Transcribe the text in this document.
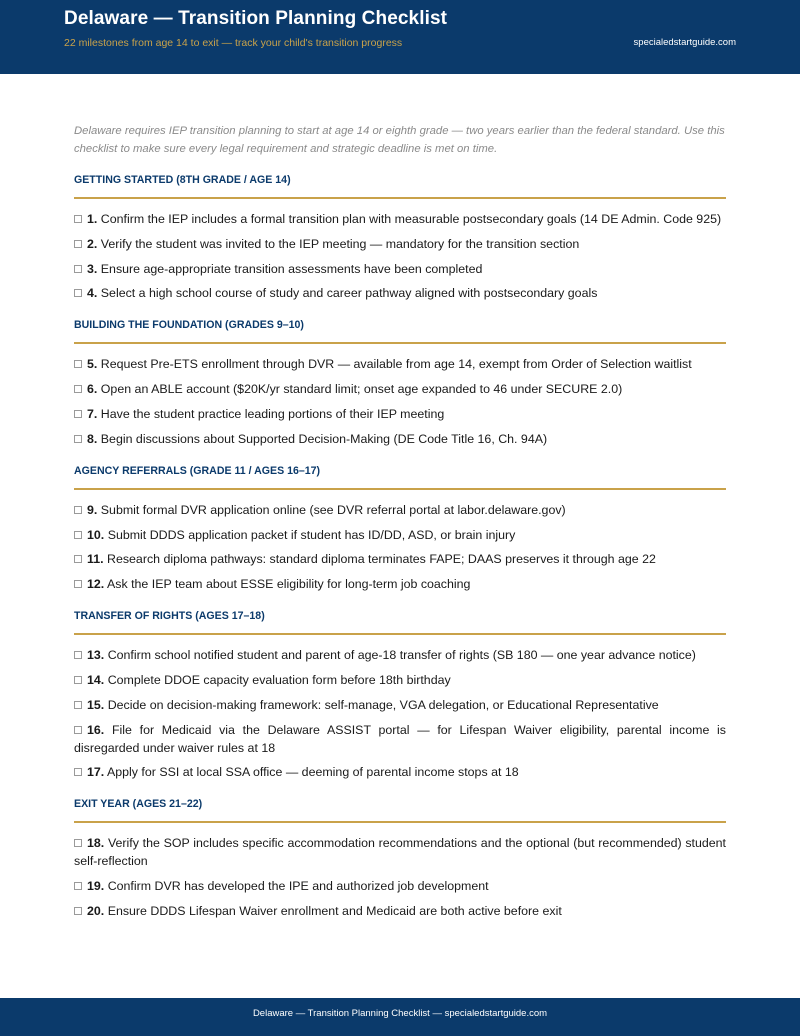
Delaware — Transition Planning Checklist
22 milestones from age 14 to exit — track your child's transition progress	specialedstartguide.com

Delaware requires IEP transition planning to start at age 14 or eighth grade — two years earlier than the federal standard. Use this checklist to make sure every legal requirement and strategic deadline is met on time.

GETTING STARTED (8TH GRADE / AGE 14)
1. Confirm the IEP includes a formal transition plan with measurable postsecondary goals (14 DE Admin. Code 925)
2. Verify the student was invited to the IEP meeting — mandatory for the transition section
3. Ensure age-appropriate transition assessments have been completed
4. Select a high school course of study and career pathway aligned with postsecondary goals
BUILDING THE FOUNDATION (GRADES 9–10)
5. Request Pre-ETS enrollment through DVR — available from age 14, exempt from Order of Selection waitlist
6. Open an ABLE account ($20K/yr standard limit; onset age expanded to 46 under SECURE 2.0)
7. Have the student practice leading portions of their IEP meeting
8. Begin discussions about Supported Decision-Making (DE Code Title 16, Ch. 94A)
AGENCY REFERRALS (GRADE 11 / AGES 16–17)
9. Submit formal DVR application online (see DVR referral portal at labor.delaware.gov)
10. Submit DDDS application packet if student has ID/DD, ASD, or brain injury
11. Research diploma pathways: standard diploma terminates FAPE; DAAS preserves it through age 22
12. Ask the IEP team about ESSE eligibility for long-term job coaching
TRANSFER OF RIGHTS (AGES 17–18)
13. Confirm school notified student and parent of age-18 transfer of rights (SB 180 — one year advance notice)
14. Complete DDOE capacity evaluation form before 18th birthday
15. Decide on decision-making framework: self-manage, VGA delegation, or Educational Representative
16. File for Medicaid via the Delaware ASSIST portal — for Lifespan Waiver eligibility, parental income is disregarded under waiver rules at 18
17. Apply for SSI at local SSA office — deeming of parental income stops at 18
EXIT YEAR (AGES 21–22)
18. Verify the SOP includes specific accommodation recommendations and the optional (but recommended) student self-reflection
19. Confirm DVR has developed the IPE and authorized job development
20. Ensure DDDS Lifespan Waiver enrollment and Medicaid are both active before exit
Delaware — Transition Planning Checklist — specialedstartguide.com
